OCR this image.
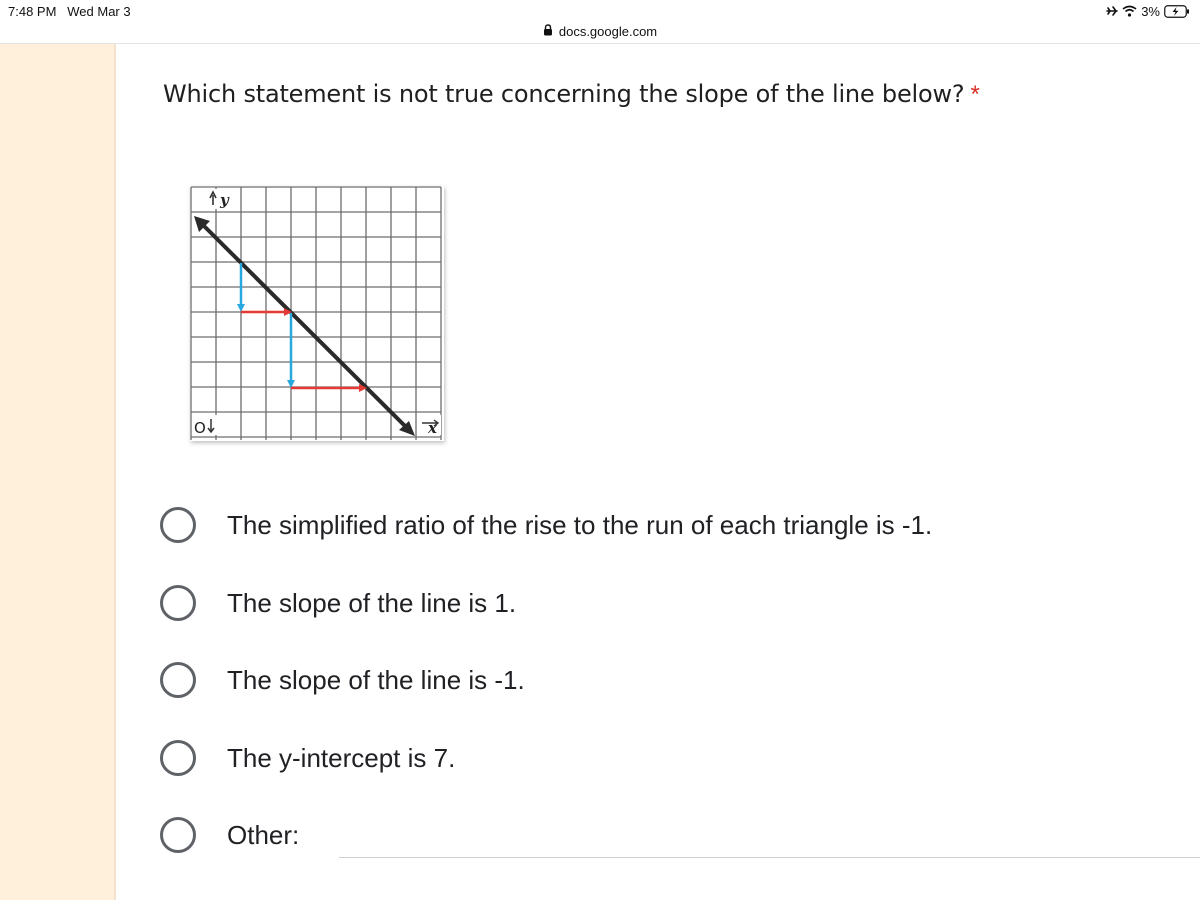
7:48 PM Wed Mar 3	3%
docs.google.com
Which statement is not true concerning the slope of the line below? *
y
O	x
The simplified ratio of the rise to the run of each triangle is -1.
The slope of the line is 1.
The slope of the line is -1.
The y-intercept is 7.
Other:
